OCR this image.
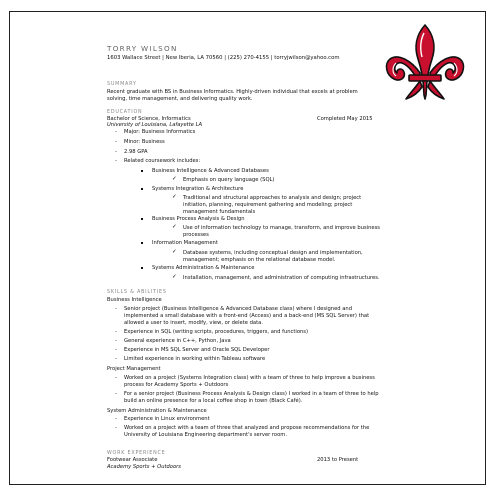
TORRY WILSON
1603 Wallace Street | New Iberia, LA 70560 | (225) 270-4155 | torryjwilson@yahoo.com
SUMMARY
Recent graduate with BS in Business Informatics. Highly-driven individual that excels at problem
solving, time management, and delivering quality work.
EDUCATION
Bachelor of Science, Informatics	Completed May 2015
University of Louisiana, Lafayette LA
- Major: Business Informatics
- Minor: Business
- 2.98 GPA
- Related coursework includes:
Business Intelligence & Advanced Databases
✓ Emphasis on query language (SQL)
Systems Integration & Architecture
✓ Traditional and structural approaches to analysis and design; project
initiation, planning, requirement gathering and modeling; project
management fundamentals
Business Process Analysis & Design
✓ Use of information technology to manage, transform, and improve business
processes
Information Management
✓ Database systems, including conceptual design and implementation,
management; emphasis on the relational database model.
Systems Administration & Maintenance
✓ Installation, management, and administration of computing infrastructures.
SKILLS & ABILITIES
Business Intelligence
- Senior project (Business Intelligence & Advanced Database class) where I designed and
implemented a small database with a front-end (Access) and a back-end (MS SQL Server) that
allowed a user to insert, modify, view, or delete data.
- Experience in SQL (writing scripts, procedures, triggers, and functions)
- General experience in C++, Python, Java
- Experience in MS SQL Server and Oracle SQL Developer
- Limited experience in working within Tableau software
Project Management
- Worked on a project (Systems Integration class) with a team of three to help improve a business
process for Academy Sports + Outdoors
- For a senior project (Business Process Analysis & Design class) I worked in a team of three to help
build an online presence for a local coffee shop in town (Black Café).
System Administration & Maintenance
- Experience in Linux environment
- Worked on a project with a team of three that analyzed and propose recommendations for the
University of Louisiana Engineering department's server room.
WORK EXPERIENCE
Footwear Associate	2013 to Present
Academy Sports + Outdoors
